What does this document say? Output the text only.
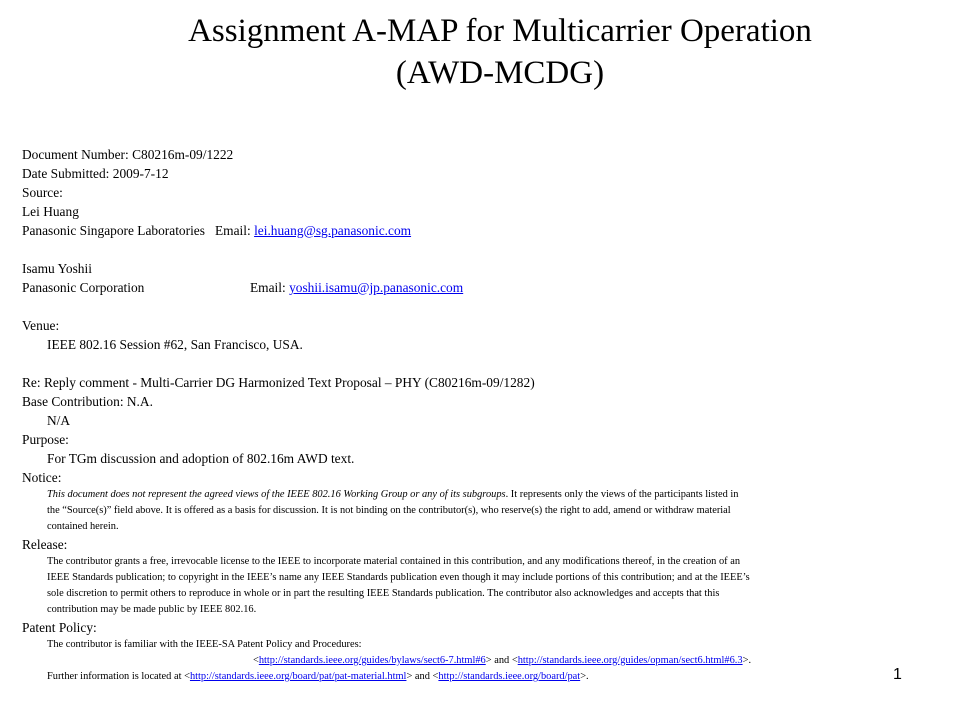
Assignment A-MAP for Multicarrier Operation
(AWD-MCDG)
Document Number: C80216m-09/1222
Date Submitted: 2009-7-12
Source:
Lei Huang
Panasonic Singapore Laboratories Email: lei.huang@sg.panasonic.com
Isamu Yoshii
Panasonic Corporation	Email: yoshii.isamu@jp.panasonic.com
Venue:
IEEE 802.16 Session #62, San Francisco, USA.
Re: Reply comment - Multi-Carrier DG Harmonized Text Proposal – PHY (C80216m-09/1282)
Base Contribution: N.A.
N/A
Purpose:
For TGm discussion and adoption of 802.16m AWD text.
Notice:
This document does not represent the agreed views of the IEEE 802.16 Working Group or any of its subgroups. It represents only the views of the participants listed in
the “Source(s)” field above. It is offered as a basis for discussion. It is not binding on the contributor(s), who reserve(s) the right to add, amend or withdraw material
contained herein.
Release:
The contributor grants a free, irrevocable license to the IEEE to incorporate material contained in this contribution, and any modifications thereof, in the creation of an
IEEE Standards publication; to copyright in the IEEE’s name any IEEE Standards publication even though it may include portions of this contribution; and at the IEEE’s
sole discretion to permit others to reproduce in whole or in part the resulting IEEE Standards publication. The contributor also acknowledges and accepts that this
contribution may be made public by IEEE 802.16.
Patent Policy:
The contributor is familiar with the IEEE-SA Patent Policy and Procedures:
<http://standards.ieee.org/guides/bylaws/sect6-7.html#6> and <http://standards.ieee.org/guides/opman/sect6.html#6.3>.
Further information is located at <http://standards.ieee.org/board/pat/pat-material.html> and <http://standards.ieee.org/board/pat>.	1
